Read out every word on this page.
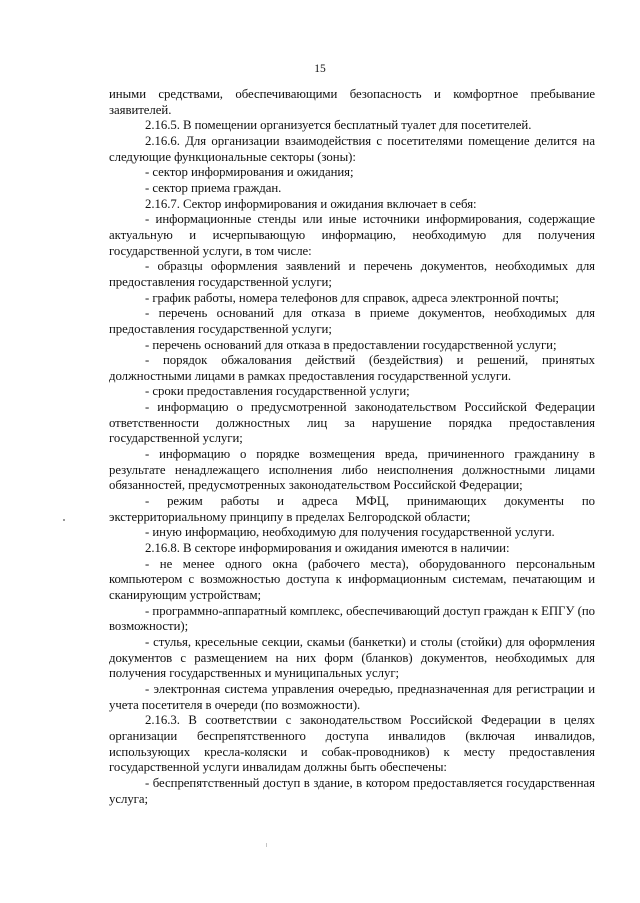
15

иными средствами, обеспечивающими безопасность и комфортное пребывание заявителей.

2.16.5. В помещении организуется бесплатный туалет для посетителей.

2.16.6. Для организации взаимодействия с посетителями помещение делится на следующие функциональные секторы (зоны):

- сектор информирования и ожидания;

- сектор приема граждан.

2.16.7. Сектор информирования и ожидания включает в себя:

- информационные стенды или иные источники информирования, содержащие актуальную и исчерпывающую информацию, необходимую для получения государственной услуги, в том числе:

- образцы оформления заявлений и перечень документов, необходимых для предоставления государственной услуги;

- график работы, номера телефонов для справок, адреса электронной почты;

- перечень оснований для отказа в приеме документов, необходимых для предоставления государственной услуги;

- перечень оснований для отказа в предоставлении государственной услуги;

- порядок обжалования действий (бездействия) и решений, принятых должностными лицами в рамках предоставления государственной услуги.

- сроки предоставления государственной услуги;

- информацию о предусмотренной законодательством Российской Федерации ответственности должностных лиц за нарушение порядка предоставления государственной услуги;

- информацию о порядке возмещения вреда, причиненного гражданину в результате ненадлежащего исполнения либо неисполнения должностными лицами обязанностей, предусмотренных законодательством Российской Федерации;

- режим работы и адреса МФЦ, принимающих документы по экстерриториальному принципу в пределах Белгородской области;

- иную информацию, необходимую для получения государственной услуги.

2.16.8. В секторе информирования и ожидания имеются в наличии:

- не менее одного окна (рабочего места), оборудованного персональным компьютером с возможностью доступа к информационным системам, печатающим и сканирующим устройствам;

- программно-аппаратный комплекс, обеспечивающий доступ граждан к ЕПГУ (по возможности);

- стулья, кресельные секции, скамьи (банкетки) и столы (стойки) для оформления документов с размещением на них форм (бланков) документов, необходимых для получения государственных и муниципальных услуг;

- электронная система управления очередью, предназначенная для регистрации и учета посетителя в очереди (по возможности).

2.16.3. В соответствии с законодательством Российской Федерации в целях организации беспрепятственного доступа инвалидов (включая инвалидов, использующих кресла-коляски и собак-проводников) к месту предоставления государственной услуги инвалидам должны быть обеспечены:

- беспрепятственный доступ в здание, в котором предоставляется государственная услуга;
